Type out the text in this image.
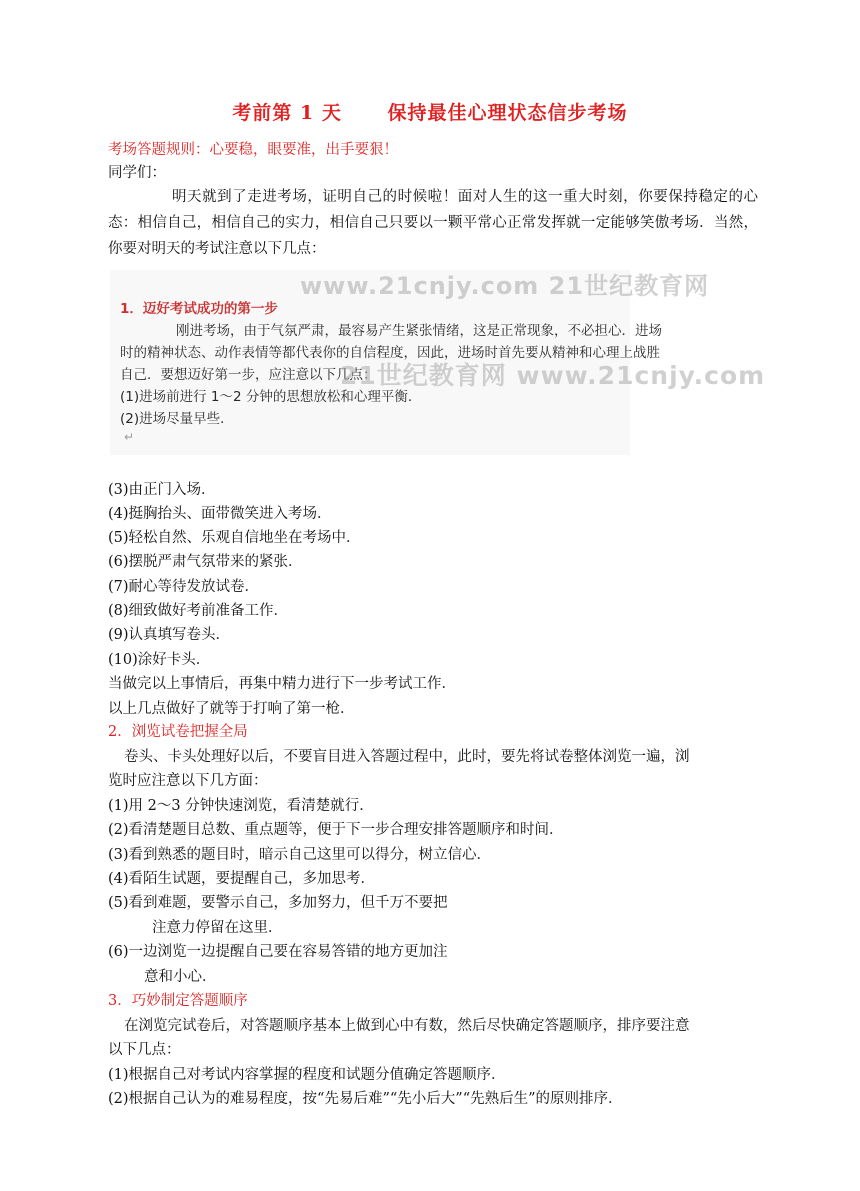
考前第 1 天      保持最佳心理状态信步考场
考场答题规则：心要稳，眼要准，出手要狠！
同学们：
明天就到了走进考场，证明自己的时候啦！面对人生的这一重大时刻，你要保持稳定的心态：相信自己，相信自己的实力，相信自己只要以一颗平常心正常发挥就一定能够笑傲考场．当然，你要对明天的考试注意以下几点：
www.21cnjy.com 21世纪教育网
1．迈好考试成功的第一步
刚进考场，由于气氛严肃，最容易产生紧张情绪，这是正常现象，不必担心．进场
时的精神状态、动作表情等都代表你的自信程度，因此，进场时首先要从精神和心理上战胜
自己．要想迈好第一步，应注意以下几点：
21世纪教育网 www.21cnjy.com
(1)进场前进行 1～2 分钟的思想放松和心理平衡．
(2)进场尽量早些．
↵
(3)由正门入场．
(4)挺胸抬头、面带微笑进入考场．
(5)轻松自然、乐观自信地坐在考场中．
(6)摆脱严肃气氛带来的紧张．
(7)耐心等待发放试卷．
(8)细致做好考前准备工作．
(9)认真填写卷头．
(10)涂好卡头．
当做完以上事情后，再集中精力进行下一步考试工作．
以上几点做好了就等于打响了第一枪．
2．浏览试卷把握全局
卷头、卡头处理好以后，不要盲目进入答题过程中，此时，要先将试卷整体浏览一遍，浏
览时应注意以下几方面：
(1)用 2～3 分钟快速浏览，看清楚就行．
(2)看清楚题目总数、重点题等，便于下一步合理安排答题顺序和时间．
(3)看到熟悉的题目时，暗示自己这里可以得分，树立信心．
(4)看陌生试题，要提醒自己，多加思考．
(5)看到难题，要警示自己，多加努力，但千万不要把
注意力停留在这里．
(6)一边浏览一边提醒自己要在容易答错的地方更加注
意和小心．
3．巧妙制定答题顺序
在浏览完试卷后，对答题顺序基本上做到心中有数，然后尽快确定答题顺序，排序要注意
以下几点：
(1)根据自己对考试内容掌握的程度和试题分值确定答题顺序．
(2)根据自己认为的难易程度，按“先易后难”“先小后大”“先熟后生”的原则排序．
